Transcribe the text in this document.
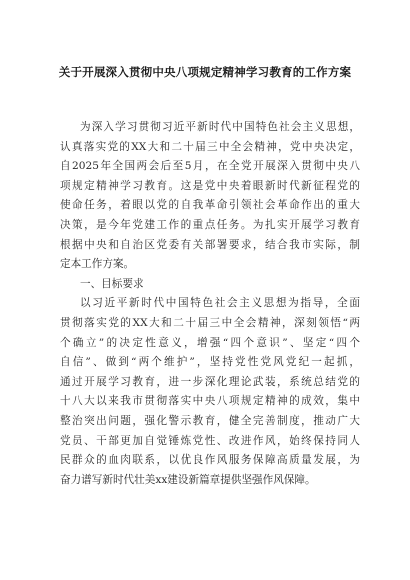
关于开展深入贯彻中央八项规定精神学习教育的工作方案
为深入学习贯彻习近平新时代中国特色社会主义思想，
认真落实党的XX大和二十届三中全会精神，党中央决定，
自2025年全国两会后至5月，在全党开展深入贯彻中央八
项规定精神学习教育。这是党中央着眼新时代新征程党的
使命任务，着眼以党的自我革命引领社会革命作出的重大
决策，是今年党建工作的重点任务。为扎实开展学习教育
根据中央和自治区党委有关部署要求，结合我市实际，制
定本工作方案。
一、目标要求
以习近平新时代中国特色社会主义思想为指导，全面
贯彻落实党的XX大和二十届三中全会精神，深刻领悟“两
个确立”的决定性意义，增强“四个意识”、坚定“四个
自信”、做到“两个维护”，坚持党性党风党纪一起抓，
通过开展学习教育，进一步深化理论武装，系统总结党的
十八大以来我市贯彻落实中央八项规定精神的成效，集中
整治突出问题，强化警示教育，健全完善制度，推动广大
党员、干部更加自觉锤炼党性、改进作风，始终保持同人
民群众的血肉联系，以优良作风服务保障高质量发展，为
奋力谱写新时代壮美xx建设新篇章提供坚强作风保障。
